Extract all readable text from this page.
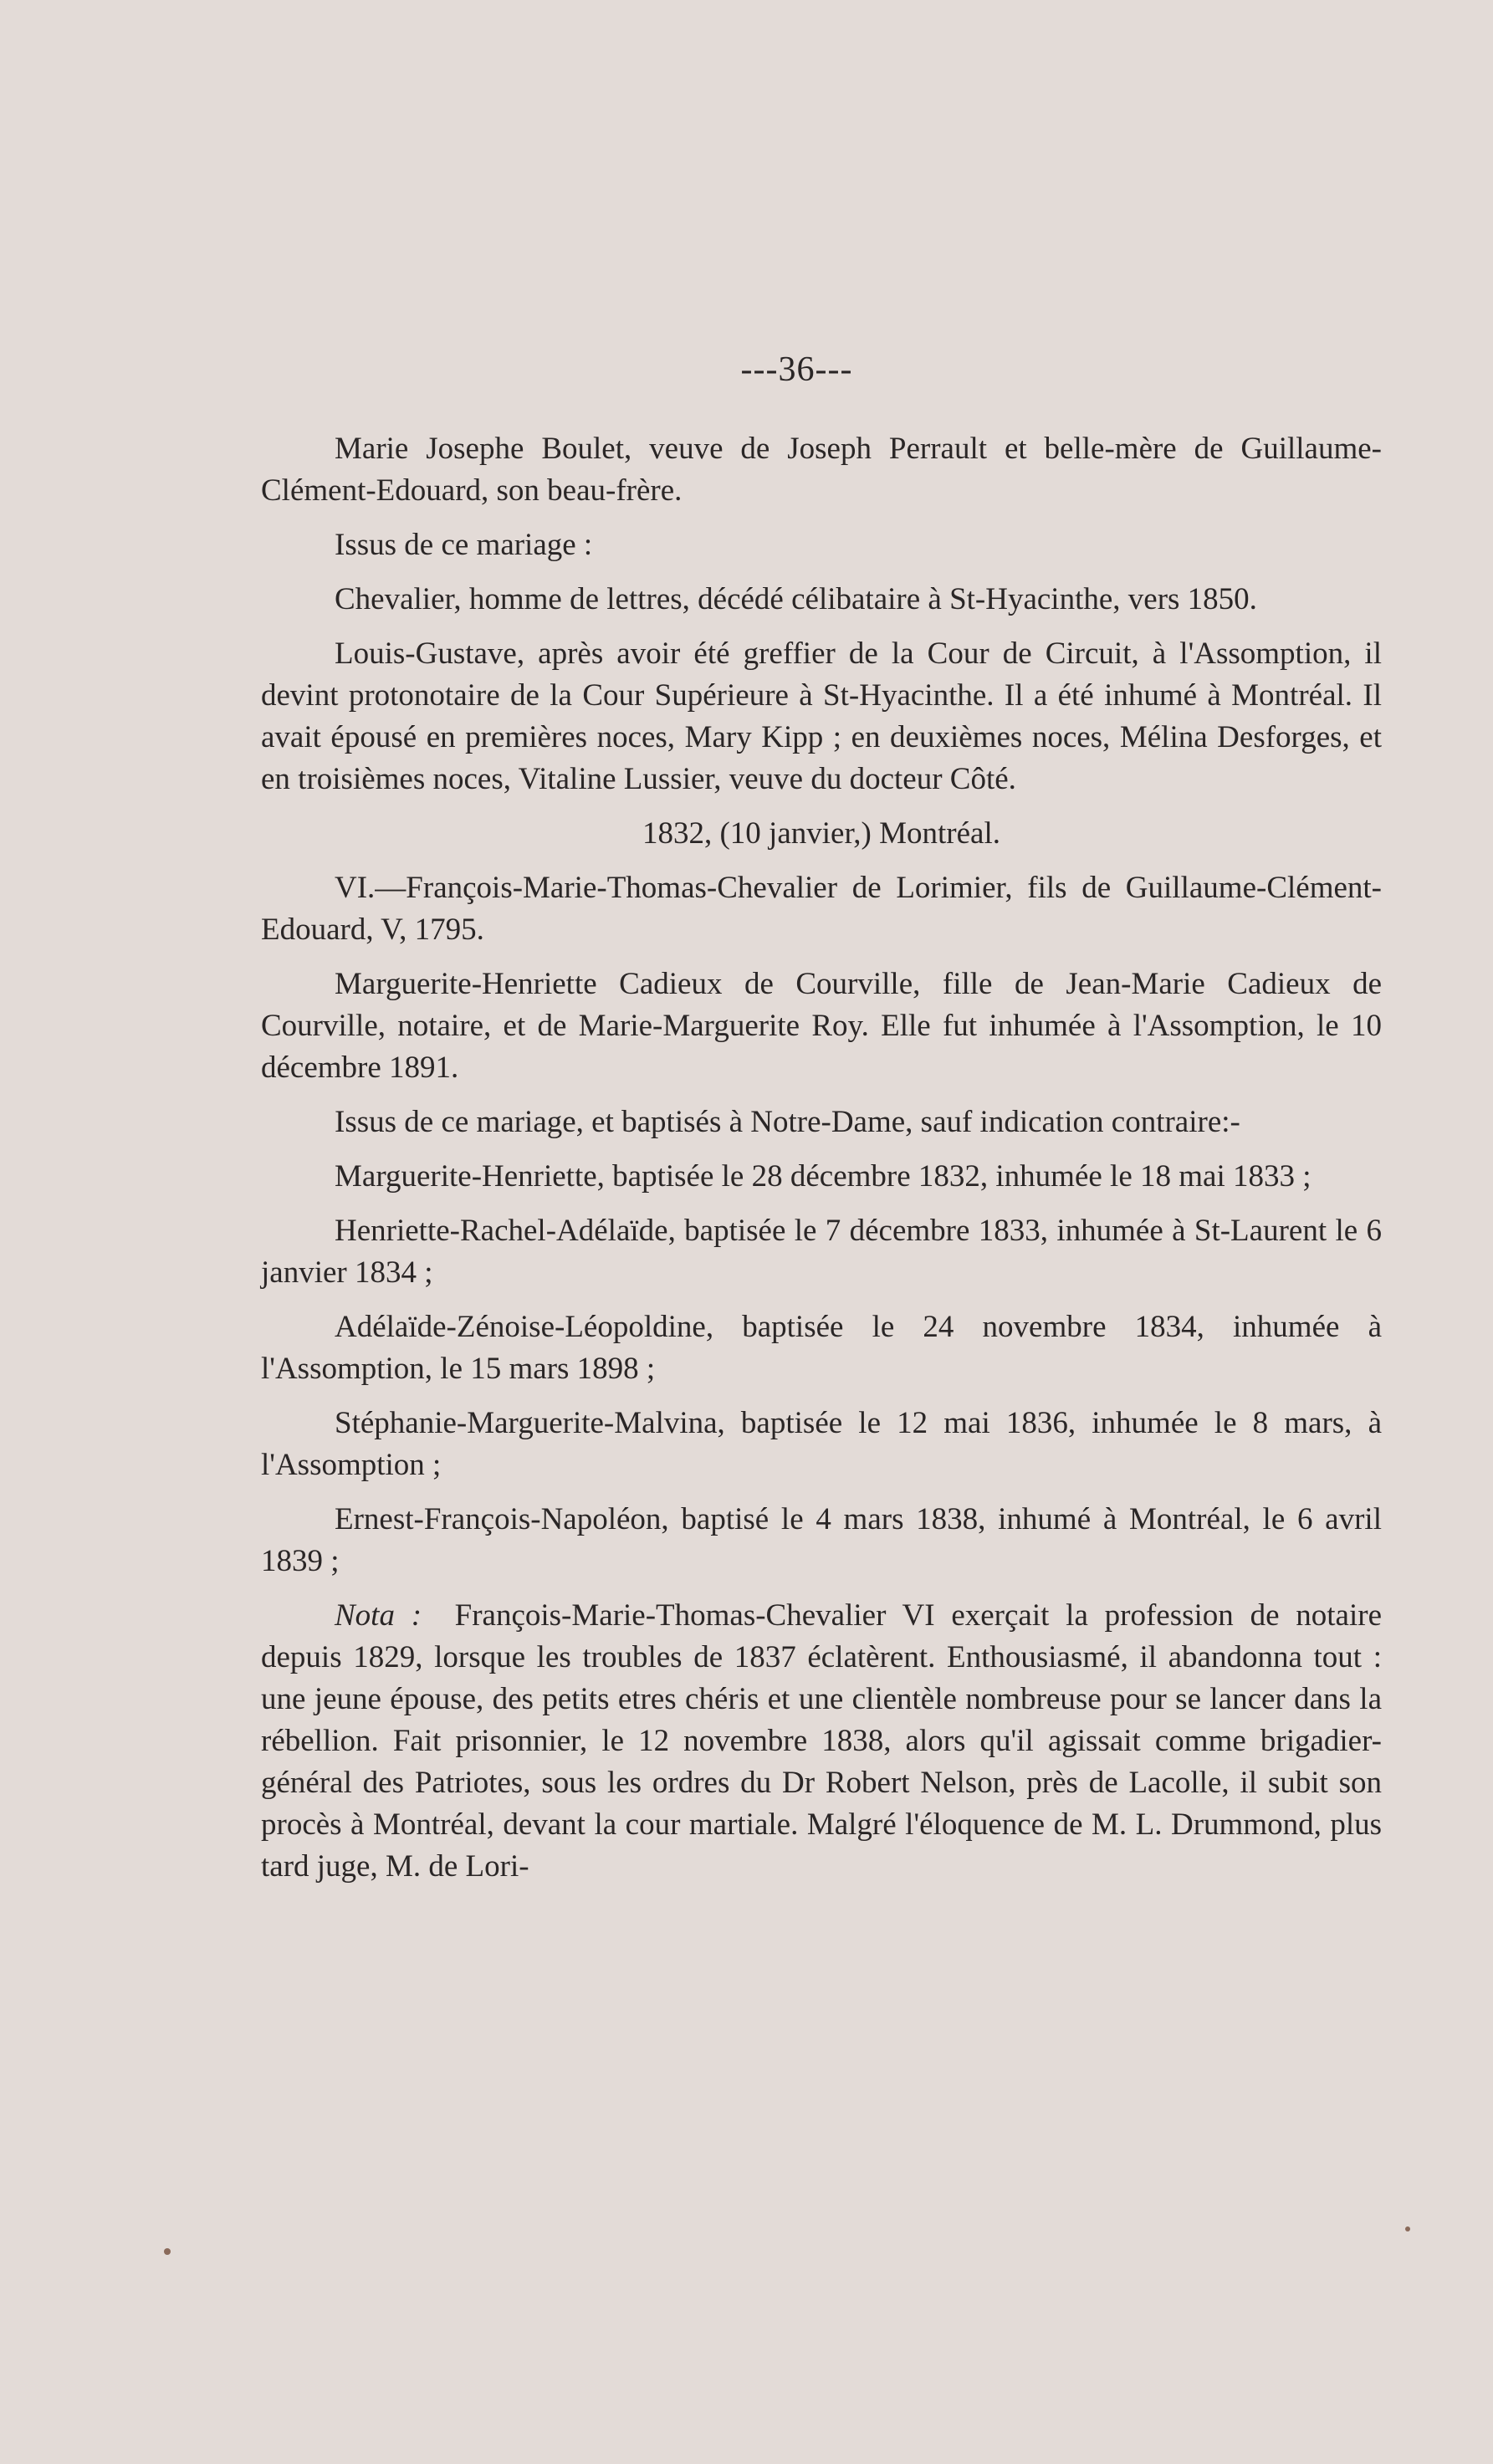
---36---

Marie Josephe Boulet, veuve de Joseph Perrault et belle-mère de Guillaume-Clément-Edouard, son beau-frère.

Issus de ce mariage :

Chevalier, homme de lettres, décédé célibataire à St-Hyacinthe, vers 1850.

Louis-Gustave, après avoir été greffier de la Cour de Circuit, à l'Assomption, il devint protonotaire de la Cour Supérieure à St-Hyacinthe. Il a été inhumé à Montréal. Il avait épousé en premières noces, Mary Kipp ; en deuxièmes noces, Mélina Desforges, et en troisièmes noces, Vitaline Lussier, veuve du docteur Côté.

1832, (10 janvier,) Montréal.

VI.—François-Marie-Thomas-Chevalier de Lorimier, fils de Guillaume-Clément-Edouard, V, 1795.

Marguerite-Henriette Cadieux de Courville, fille de Jean-Marie Cadieux de Courville, notaire, et de Marie-Marguerite Roy. Elle fut inhumée à l'Assomption, le 10 décembre 1891.

Issus de ce mariage, et baptisés à Notre-Dame, sauf indication contraire:-

Marguerite-Henriette, baptisée le 28 décembre 1832, inhumée le 18 mai 1833 ;

Henriette-Rachel-Adélaïde, baptisée le 7 décembre 1833, inhumée à St-Laurent le 6 janvier 1834 ;

Adélaïde-Zénoise-Léopoldine, baptisée le 24 novembre 1834, inhumée à l'Assomption, le 15 mars 1898 ;

Stéphanie-Marguerite-Malvina, baptisée le 12 mai 1836, inhumée le 8 mars, à l'Assomption ;

Ernest-François-Napoléon, baptisé le 4 mars 1838, inhumé à Montréal, le 6 avril 1839 ;

Nota : François-Marie-Thomas-Chevalier VI exerçait la profession de notaire depuis 1829, lorsque les troubles de 1837 éclatèrent. Enthousiasmé, il abandonna tout : une jeune épouse, des petits etres chéris et une clientèle nombreuse pour se lancer dans la rébellion. Fait prisonnier, le 12 novembre 1838, alors qu'il agissait comme brigadier-général des Patriotes, sous les ordres du Dr Robert Nelson, près de Lacolle, il subit son procès à Montréal, devant la cour martiale. Malgré l'éloquence de M. L. Drummond, plus tard juge, M. de Lori-
